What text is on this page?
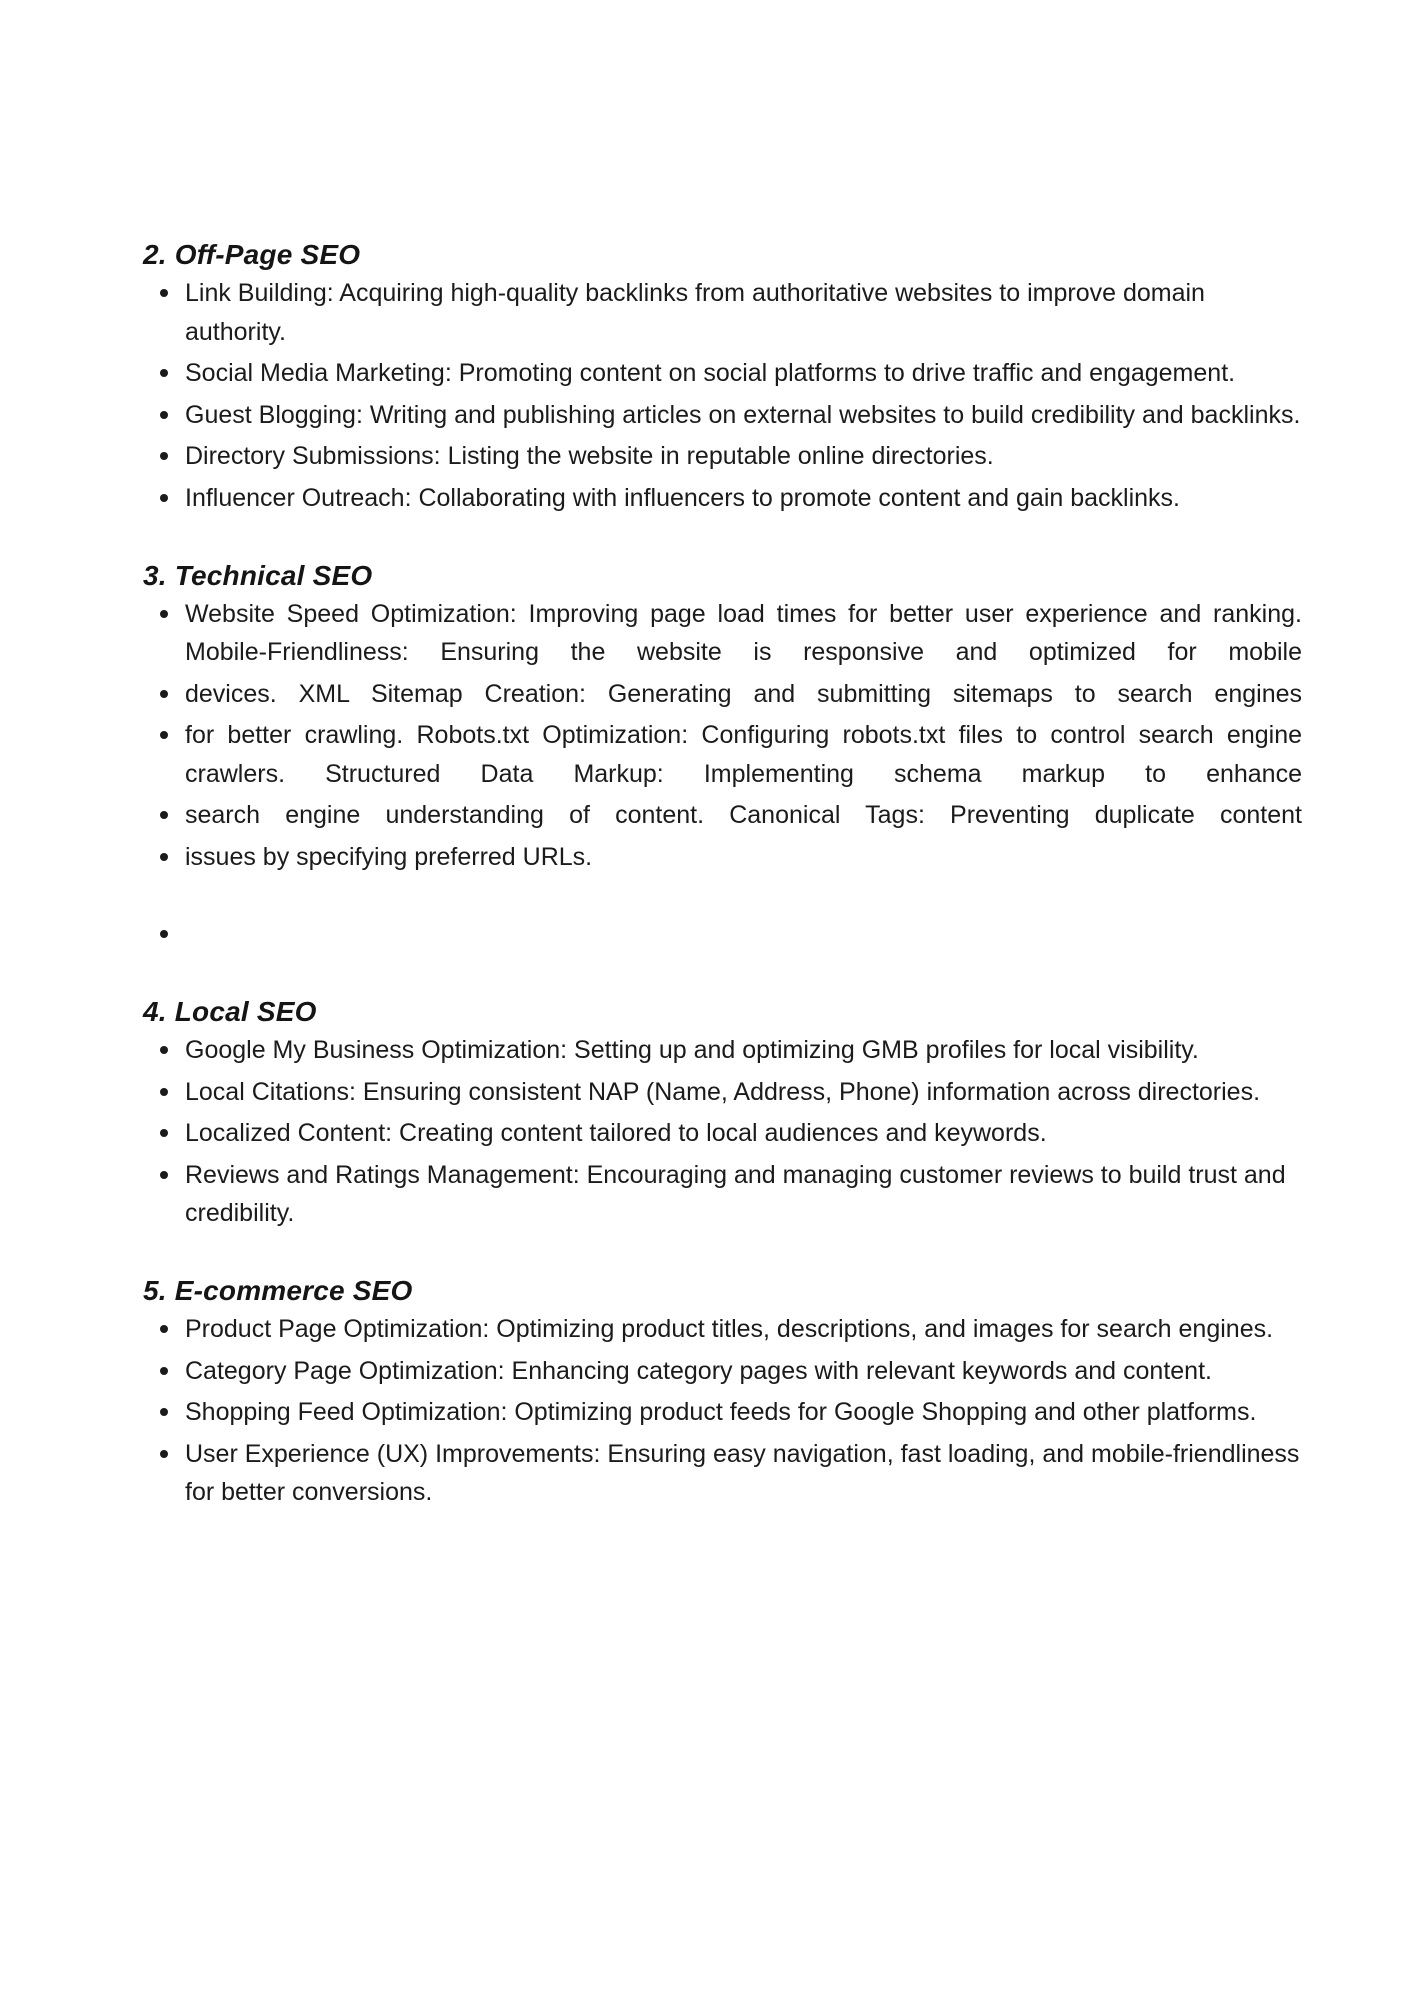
2. Off-Page SEO
Link Building: Acquiring high-quality backlinks from authoritative websites to improve domain authority.
Social Media Marketing: Promoting content on social platforms to drive traffic and engagement.
Guest Blogging: Writing and publishing articles on external websites to build credibility and backlinks.
Directory Submissions: Listing the website in reputable online directories.
Influencer Outreach: Collaborating with influencers to promote content and gain backlinks.
3. Technical SEO
Website Speed Optimization: Improving page load times for better user experience and ranking. Mobile-Friendliness: Ensuring the website is responsive and optimized for mobile
devices. XML Sitemap Creation: Generating and submitting sitemaps to search engines
for better crawling. Robots.txt Optimization: Configuring robots.txt files to control search engine crawlers. Structured Data Markup: Implementing schema markup to enhance
search engine understanding of content. Canonical Tags: Preventing duplicate content
issues by specifying preferred URLs.
4. Local SEO
Google My Business Optimization: Setting up and optimizing GMB profiles for local visibility.
Local Citations: Ensuring consistent NAP (Name, Address, Phone) information across directories.
Localized Content: Creating content tailored to local audiences and keywords.
Reviews and Ratings Management: Encouraging and managing customer reviews to build trust and credibility.
5. E-commerce SEO
Product Page Optimization: Optimizing product titles, descriptions, and images for search engines.
Category Page Optimization: Enhancing category pages with relevant keywords and content.
Shopping Feed Optimization: Optimizing product feeds for Google Shopping and other platforms.
User Experience (UX) Improvements: Ensuring easy navigation, fast loading, and mobile-friendliness for better conversions.
